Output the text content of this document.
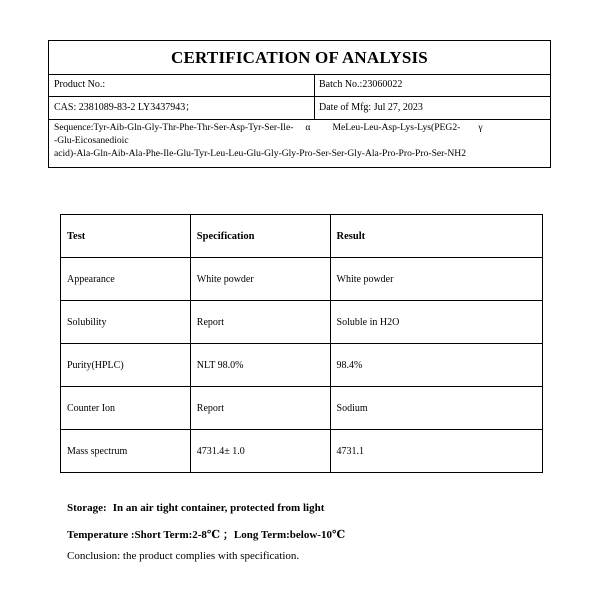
CERTIFICATION OF ANALYSIS
Product No.:	Batch No.:23060022
CAS: 2381089-83-2 LY3437943；	Date of Mfg: Jul 27, 2023
Sequence:Tyr-Aib-Gln-Gly-Thr-Phe-Thr-Ser-Asp-Tyr-Ser-Ile- α MeLeu-Leu-Asp-Lys-Lys(PEG2- γ
-Glu-Eicosanedioic
acid)-Ala-Gln-Aib-Ala-Phe-Ile-Glu-Tyr-Leu-Leu-Glu-Gly-Gly-Pro-Ser-Ser-Gly-Ala-Pro-Pro-Pro-Ser-NH2
Test	Specification	Result
Appearance	White powder	White powder
Solubility	Report	Soluble in H2O
Purity(HPLC)	NLT 98.0%	98.4%
Counter Ion	Report	Sodium
Mass spectrum	4731.4± 1.0	4731.1
Storage: In an air tight container, protected from light
Temperature :Short Term:2-8℃ ；Long Term:below-10℃
Conclusion: the product complies with specification.
